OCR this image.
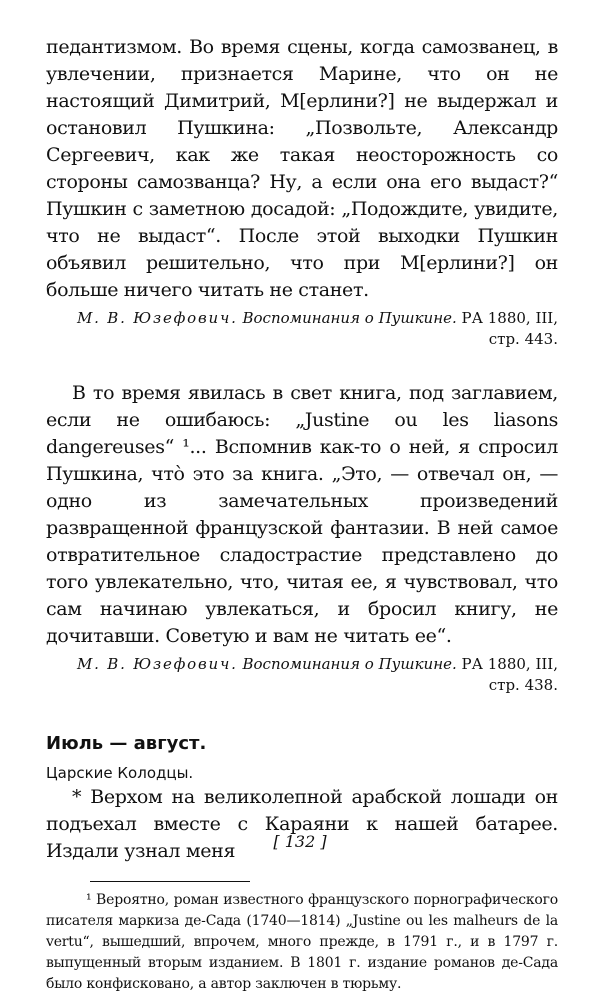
педантизмом. Во время сцены, когда самозванец, в увлечении, признается Марине, что он не настоящий Димитрий, М[ерлини?] не выдержал и остановил Пушкина: „Позвольте, Александр Сергеевич, как же такая неосторожность со стороны самозванца? Ну, а если она его выдаст?“ Пушкин с заметною досадой: „Подождите, увидите, что не выдаст“. После этой выходки Пушкин объявил решительно, что при М[ерлини?] он больше ничего читать не станет.

М. В. Юзефович. Воспоминания о Пушкине. РА 1880, III, стр. 443.

В то время явилась в свет книга, под заглавием, если не ошибаюсь: „Justine ou les liasons dangereuses“ ¹... Вспомнив как-то о ней, я спросил Пушкина, что̀ это за книга. „Это, — отвечал он, — одно из замечательных произведений развращенной французской фантазии. В ней самое отвратительное сладострастие представлено до того увлекательно, что, читая ее, я чувствовал, что сам начинаю увлекаться, и бросил книгу, не дочитавши. Советую и вам не читать ее“.

М. В. Юзефович. Воспоминания о Пушкине. РА 1880, III, стр. 438.

Июль — август.

Царские Колодцы.

* Верхом на великолепной арабской лошади он подъехал вместе с Караяни к нашей батарее. Издали узнал меня

¹ Вероятно, роман известного французского порнографического писателя маркиза де-Сада (1740—1814) „Justine ou les malheurs de la vertu“, вышедший, впрочем, много прежде, в 1791 г., и в 1797 г. выпущенный вторым изданием. В 1801 г. издание романов де-Сада было конфисковано, а автор заключен в тюрьму.

[ 132 ]
